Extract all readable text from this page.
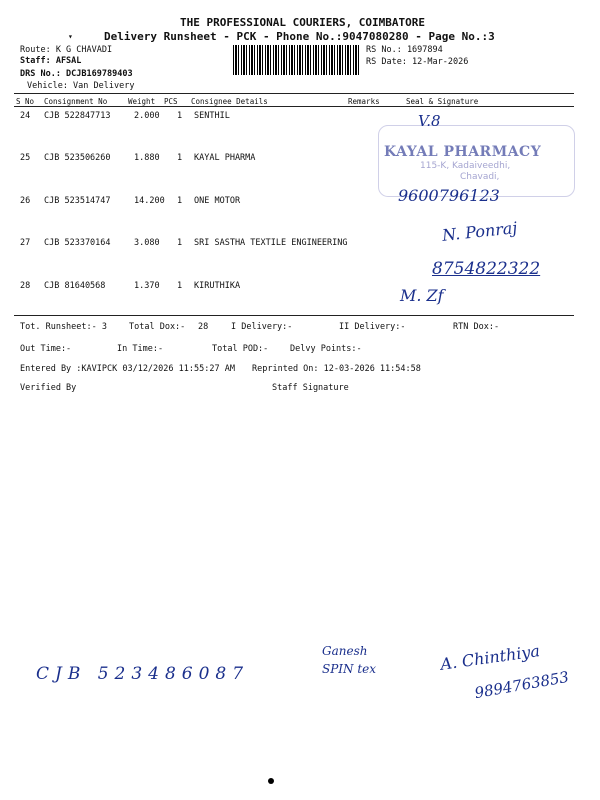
THE PROFESSIONAL COURIERS, COIMBATORE
Delivery Runsheet - PCK - Phone No.:9047080280 - Page No.:3
▾
Route: K G CHAVADI
Staff: AFSAL
DRS No.: DCJB169789403
Vehicle: Van Delivery
RS No.: 1697894
RS Date: 12-Mar-2026
S No Consignment No	Weight PCS Consignee Details	Remarks	Seal & Signature
24 CJB 522847713	2.000 1 SENTHIL
25 CJB 523506260	1.880 1 KAYAL PHARMA
26 CJB 523514747	14.200 1 ONE MOTOR
27 CJB 523370164	3.080 1 SRI SASTHA TEXTILE ENGINEERING
28 CJB 81640568	1.370 1 KIRUTHIKA
KAYAL PHARMACY
115-K, Kadaiveedhi,
Chavadi,
V.8
9600796123
N. Ponraj
8754822322
M. Zf
Tot. Runsheet:- 3	Total Dox:- 28	I Delivery:-	II Delivery:-	RTN Dox:-
Out Time:-	In Time:-	Total POD:-	Delvy Points:-
Entered By :KAVIPCK 03/12/2026 11:55:27 AM Reprinted On: 12-03-2026 11:54:58
Verified By	Staff Signature
CJB 523486087
Ganesh
SPIN tex	A. Chinthiya
9894763853
